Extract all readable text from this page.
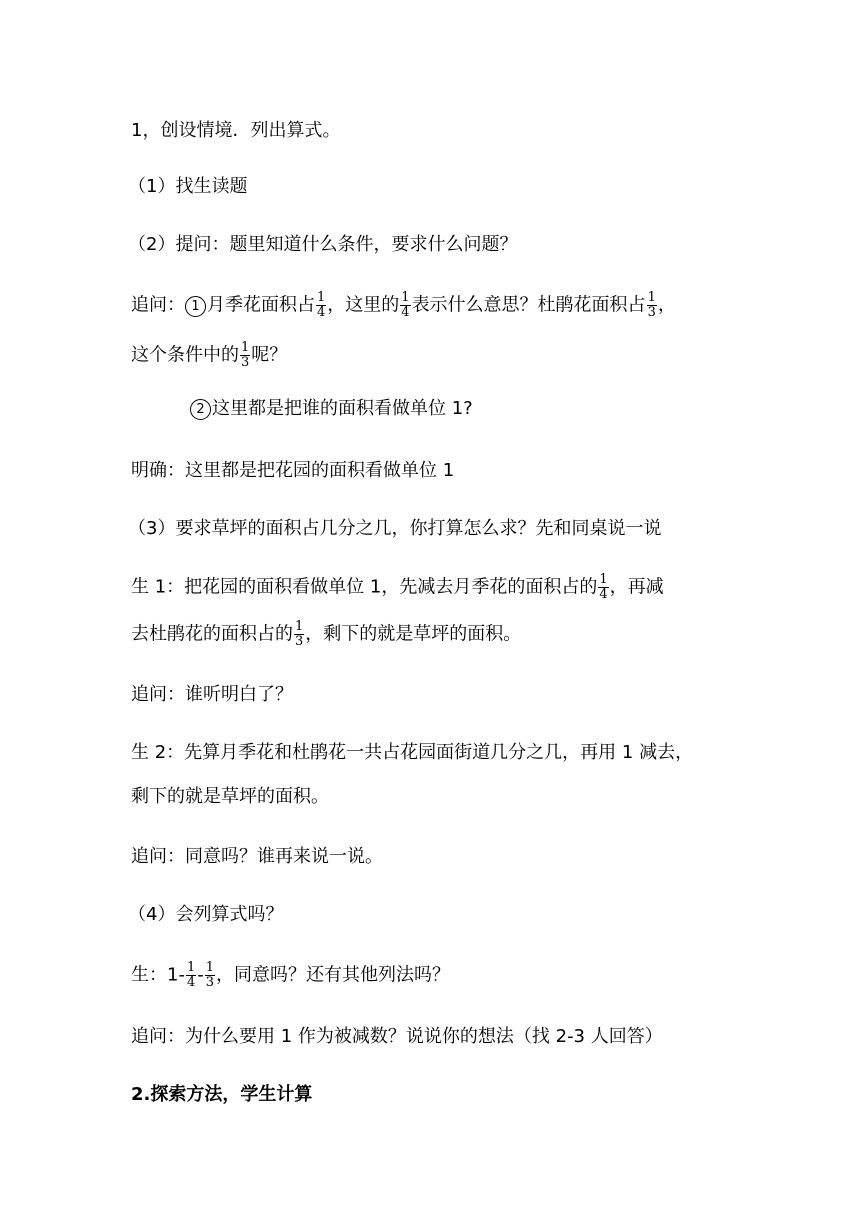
1，创设情境．列出算式。
（1）找生读题
（2）提问：题里知道什么条件，要求什么问题？
追问： 1 月季花面积占 $\frac{1}{4}$ ，这里的 $\frac{1}{4}$ 表示什么意思？杜鹃花面积占 $\frac{1}{3}$ ，
这个条件中的 $\frac{1}{3}$ 呢？
2 这里都是把谁的面积看做单位 1?
明确：这里都是把花园的面积看做单位 1
（3）要求草坪的面积占几分之几，你打算怎么求？先和同桌说一说
生 1：把花园的面积看做单位 1，先减去月季花的面积占的 $\frac{1}{4}$ ，再减
去杜鹃花的面积占的 $\frac{1}{3}$ ，剩下的就是草坪的面积。
追问：谁听明白了？
生 2：先算月季花和杜鹃花一共占花园面街道几分之几，再用 1 减去，
剩下的就是草坪的面积。
追问：同意吗？谁再来说一说。
（4）会列算式吗？
生：$1- \frac{1}{4} - \frac{1}{3}$ ，同意吗？还有其他列法吗？
追问：为什么要用 1 作为被减数？说说你的想法（找 2-3 人回答）
2.探索方法，学生计算
